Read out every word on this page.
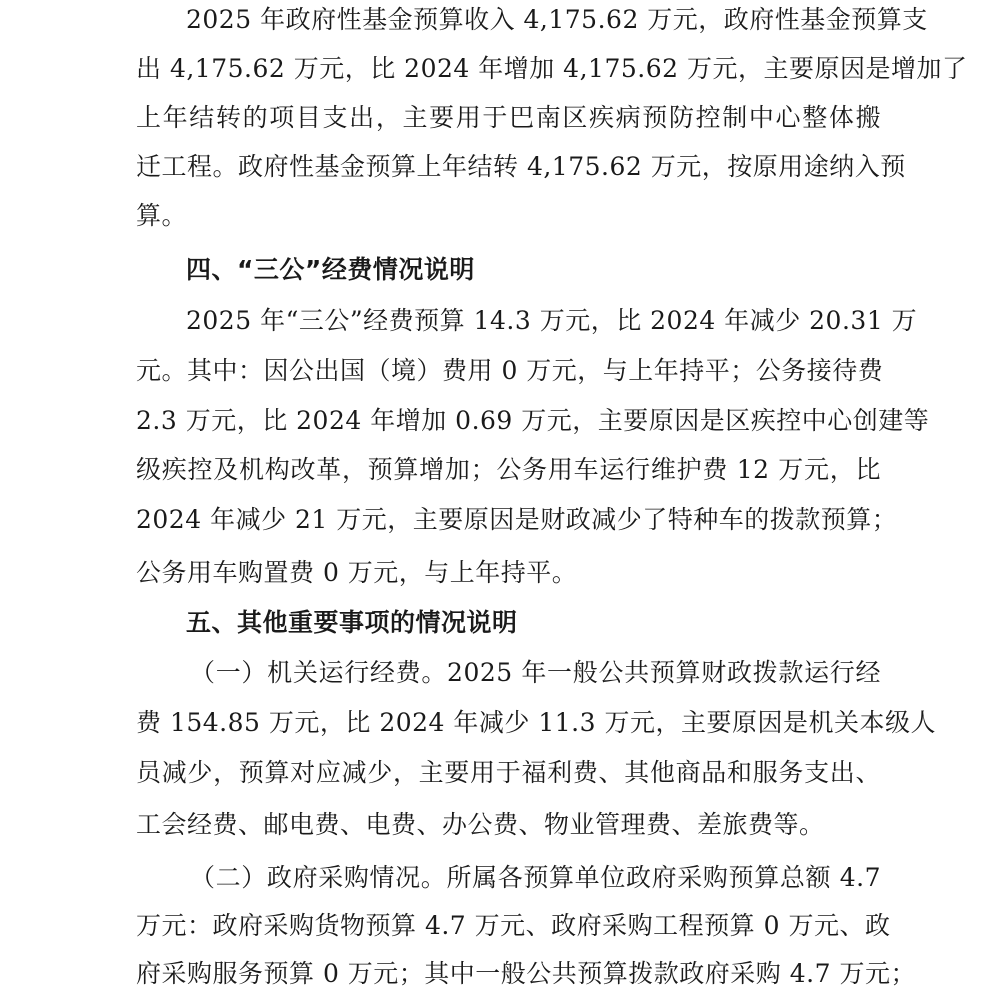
2025 年政府性基金预算收入 4,175.62 万元，政府性基金预算支
出 4,175.62 万元，比 2024 年增加 4,175.62 万元，主要原因是增加了
上年结转的项目支出，主要用于巴南区疾病预防控制中心整体搬
迁工程。政府性基金预算上年结转 4,175.62 万元，按原用途纳入预
算。
四、“三公”经费情况说明
2025 年“三公”经费预算 14.3 万元，比 2024 年减少 20.31 万
元。其中：因公出国（境）费用 0 万元，与上年持平；公务接待费
2.3 万元，比 2024 年增加 0.69 万元，主要原因是区疾控中心创建等
级疾控及机构改革，预算增加；公务用车运行维护费 12 万元，比
2024 年减少 21 万元，主要原因是财政减少了特种车的拨款预算；
公务用车购置费 0 万元，与上年持平。
五、其他重要事项的情况说明
（一）机关运行经费。2025 年一般公共预算财政拨款运行经
费 154.85 万元，比 2024 年减少 11.3 万元，主要原因是机关本级人
员减少，预算对应减少，主要用于福利费、其他商品和服务支出、
工会经费、邮电费、电费、办公费、物业管理费、差旅费等。
（二）政府采购情况。所属各预算单位政府采购预算总额 4.7
万元：政府采购货物预算 4.7 万元、政府采购工程预算 0 万元、政
府采购服务预算 0 万元；其中一般公共预算拨款政府采购 4.7 万元；
